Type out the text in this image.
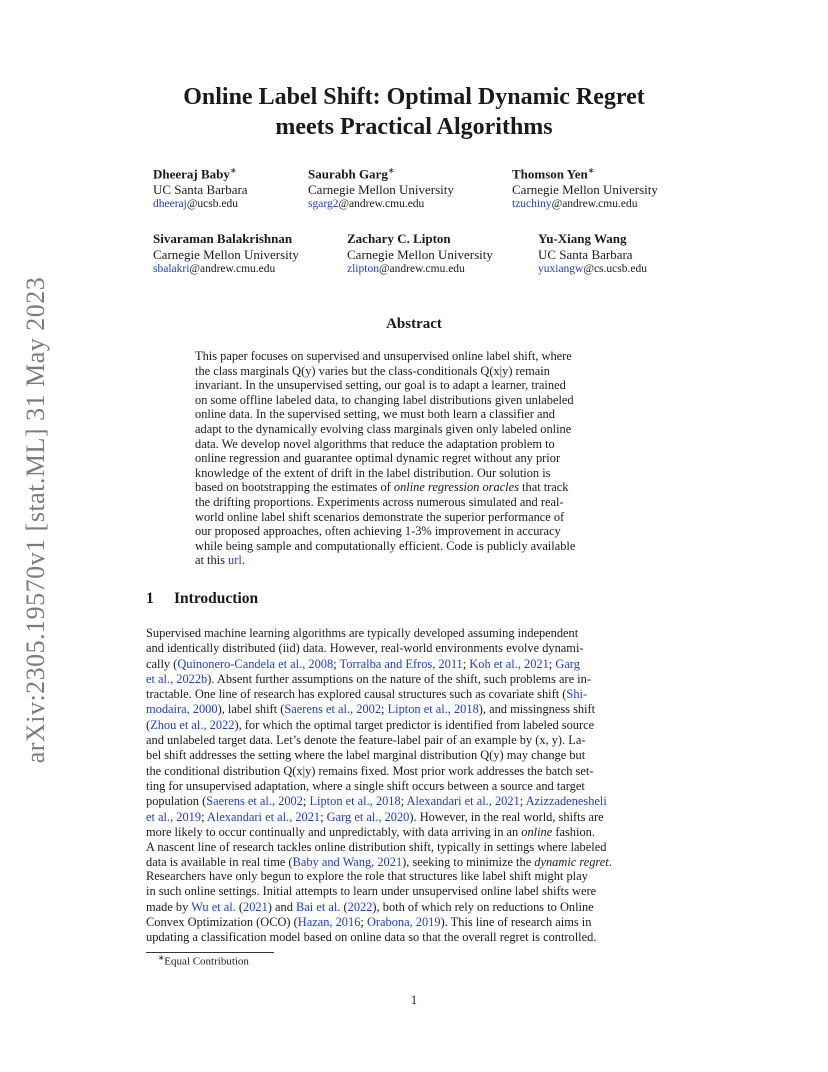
arXiv:2305.19570v1 [stat.ML] 31 May 2023
Online Label Shift: Optimal Dynamic Regret
meets Practical Algorithms
Dheeraj Baby∗
UC Santa Barbara
dheeraj@ucsb.edu
Saurabh Garg∗
Carnegie Mellon University
sgarg2@andrew.cmu.edu
Thomson Yen∗
Carnegie Mellon University
tzuchiny@andrew.cmu.edu
Sivaraman Balakrishnan
Carnegie Mellon University
sbalakri@andrew.cmu.edu
Zachary C. Lipton
Carnegie Mellon University
zlipton@andrew.cmu.edu
Yu-Xiang Wang
UC Santa Barbara
yuxiangw@cs.ucsb.edu
Abstract
This paper focuses on supervised and unsupervised online label shift, where
the class marginals Q(y) varies but the class-conditionals Q(x|y) remain
invariant. In the unsupervised setting, our goal is to adapt a learner, trained
on some offline labeled data, to changing label distributions given unlabeled
online data. In the supervised setting, we must both learn a classifier and
adapt to the dynamically evolving class marginals given only labeled online
data. We develop novel algorithms that reduce the adaptation problem to
online regression and guarantee optimal dynamic regret without any prior
knowledge of the extent of drift in the label distribution. Our solution is
based on bootstrapping the estimates of online regression oracles that track
the drifting proportions. Experiments across numerous simulated and real-
world online label shift scenarios demonstrate the superior performance of
our proposed approaches, often achieving 1-3% improvement in accuracy
while being sample and computationally efficient. Code is publicly available
at this url.
1 Introduction
Supervised machine learning algorithms are typically developed assuming independent
and identically distributed (iid) data. However, real-world environments evolve dynami-
cally (Quinonero-Candela et al., 2008; Torralba and Efros, 2011; Koh et al., 2021; Garg
et al., 2022b). Absent further assumptions on the nature of the shift, such problems are in-
tractable. One line of research has explored causal structures such as covariate shift (Shi-
modaira, 2000), label shift (Saerens et al., 2002; Lipton et al., 2018), and missingness shift
(Zhou et al., 2022), for which the optimal target predictor is identified from labeled source
and unlabeled target data. Let’s denote the feature-label pair of an example by (x, y). La-
bel shift addresses the setting where the label marginal distribution Q(y) may change but
the conditional distribution Q(x|y) remains fixed. Most prior work addresses the batch set-
ting for unsupervised adaptation, where a single shift occurs between a source and target
population (Saerens et al., 2002; Lipton et al., 2018; Alexandari et al., 2021; Azizzadenesheli
et al., 2019; Alexandari et al., 2021; Garg et al., 2020). However, in the real world, shifts are
more likely to occur continually and unpredictably, with data arriving in an online fashion.
A nascent line of research tackles online distribution shift, typically in settings where labeled
data is available in real time (Baby and Wang, 2021), seeking to minimize the dynamic regret.
Researchers have only begun to explore the role that structures like label shift might play
in such online settings. Initial attempts to learn under unsupervised online label shifts were
made by Wu et al. (2021) and Bai et al. (2022), both of which rely on reductions to Online
Convex Optimization (OCO) (Hazan, 2016; Orabona, 2019). This line of research aims in
updating a classification model based on online data so that the overall regret is controlled.
∗Equal Contribution
1
